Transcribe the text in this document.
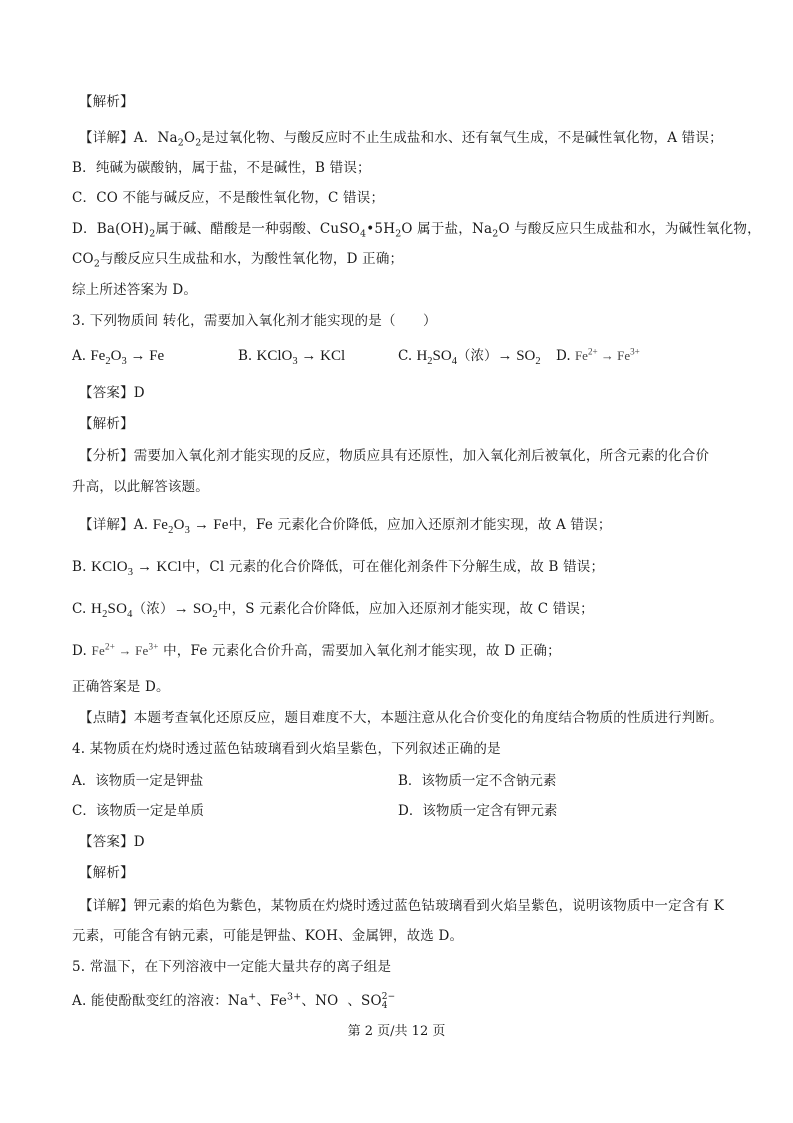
【解析】
【详解】A．$Na_2O_2$是过氧化物、与酸反应时不止生成盐和水、还有氧气生成，不是碱性氧化物，A 错误；
B．纯碱为碳酸钠，属于盐，不是碱性，B 错误；
C．CO 不能与碱反应，不是酸性氧化物，C 错误；
D．$Ba(OH)_2$属于碱、醋酸是一种弱酸、$CuSO_4•5H_2O$ 属于盐，$Na_2O$ 与酸反应只生成盐和水，为碱性氧化物，
$CO_2$与酸反应只生成盐和水，为酸性氧化物，D 正确；
综上所述答案为 D。
3. 下列物质间 转化，需要加入氧化剂才能实现的是（　　）
A. $Fe_2O_3 \to Fe$	B. KClO$_3$ → KCl	C. $H_2SO_4$（浓）→ $SO_2$ D. $Fe^{2+} \to Fe^{3+}$
【答案】D
【解析】
【分析】需要加入氧化剂才能实现的反应，物质应具有还原性，加入氧化剂后被氧化，所含元素的化合价
升高，以此解答该题。
【详解】A. $Fe_2O_3 \to Fe$中，Fe 元素化合价降低，应加入还原剂才能实现，故 A 错误；
B. KClO$_3$ → KCl中，Cl 元素的化合价降低，可在催化剂条件下分解生成，故 B 错误；
C. $H_2SO_4$（浓）→ $SO_2$中，S 元素化合价降低，应加入还原剂才能实现，故 C 错误；
D. $Fe^{2+} \to Fe^{3+}$ 中，Fe 元素化合价升高，需要加入氧化剂才能实现，故 D 正确；
正确答案是 D。
【点睛】本题考查氧化还原反应，题目难度不大，本题注意从化合价变化的角度结合物质的性质进行判断。
4. 某物质在灼烧时透过蓝色钴玻璃看到火焰呈紫色，下列叙述正确的是
A．该物质一定是钾盐	B．该物质一定不含钠元素
C．该物质一定是单质	D．该物质一定含有钾元素
【答案】D
【解析】
【详解】钾元素的焰色为紫色，某物质在灼烧时透过蓝色钴玻璃看到火焰呈紫色，说明该物质中一定含有 K
元素，可能含有钠元素，可能是钾盐、KOH、金属钾，故选 D。
5. 常温下，在下列溶液中一定能大量共存的离子组是
A. 能使酚酞变红的溶液：Na+、$Fe^{3+}$、NO 、SO 2−
4
第 2 页/共 12 页
